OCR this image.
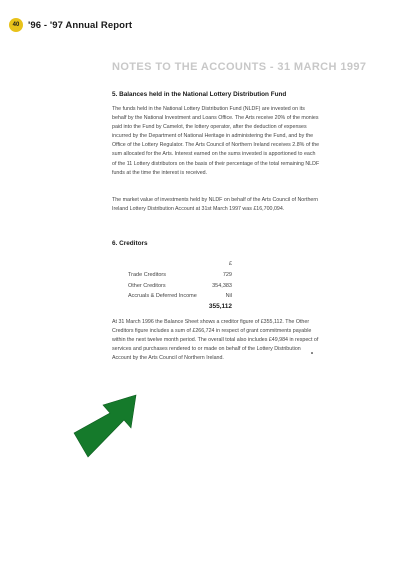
40 '96 - '97 Annual Report
NOTES TO THE ACCOUNTS - 31 MARCH 1997
5. Balances held in the National Lottery Distribution Fund

The funds held in the National Lottery Distribution Fund (NLDF) are invested on its behalf by the National Investment and Loans Office. The Arts receive 20% of the monies paid into the Fund by Camelot, the lottery operator, after the deduction of expenses incurred by the Department of National Heritage in administering the Fund, and by the Office of the Lottery Regulator. The Arts Council of Northern Ireland receives 2.8% of the sum allocated for the Arts. Interest earned on the sums invested is apportioned to each of the 11 Lottery distributors on the basis of their percentage of the total remaining NLDF funds at the time the interest is received.

The market value of investments held by NLDF on behalf of the Arts Council of Northern Ireland Lottery Distribution Account at 31st March 1997 was £16,700,094.

6. Creditors
£
Trade Creditors	729
Other Creditors	354,383
Accruals & Deferred Income	Nil
355,112

At 31 March 1996 the Balance Sheet shows a creditor figure of £355,112. The Other Creditors figure includes a sum of £266,724 in respect of grant commitments payable within the next twelve month period. The overall total also includes £49,984 in respect of services and purchases rendered to or made on behalf of the Lottery Distribution Account by the Arts Council of Northern Ireland.
